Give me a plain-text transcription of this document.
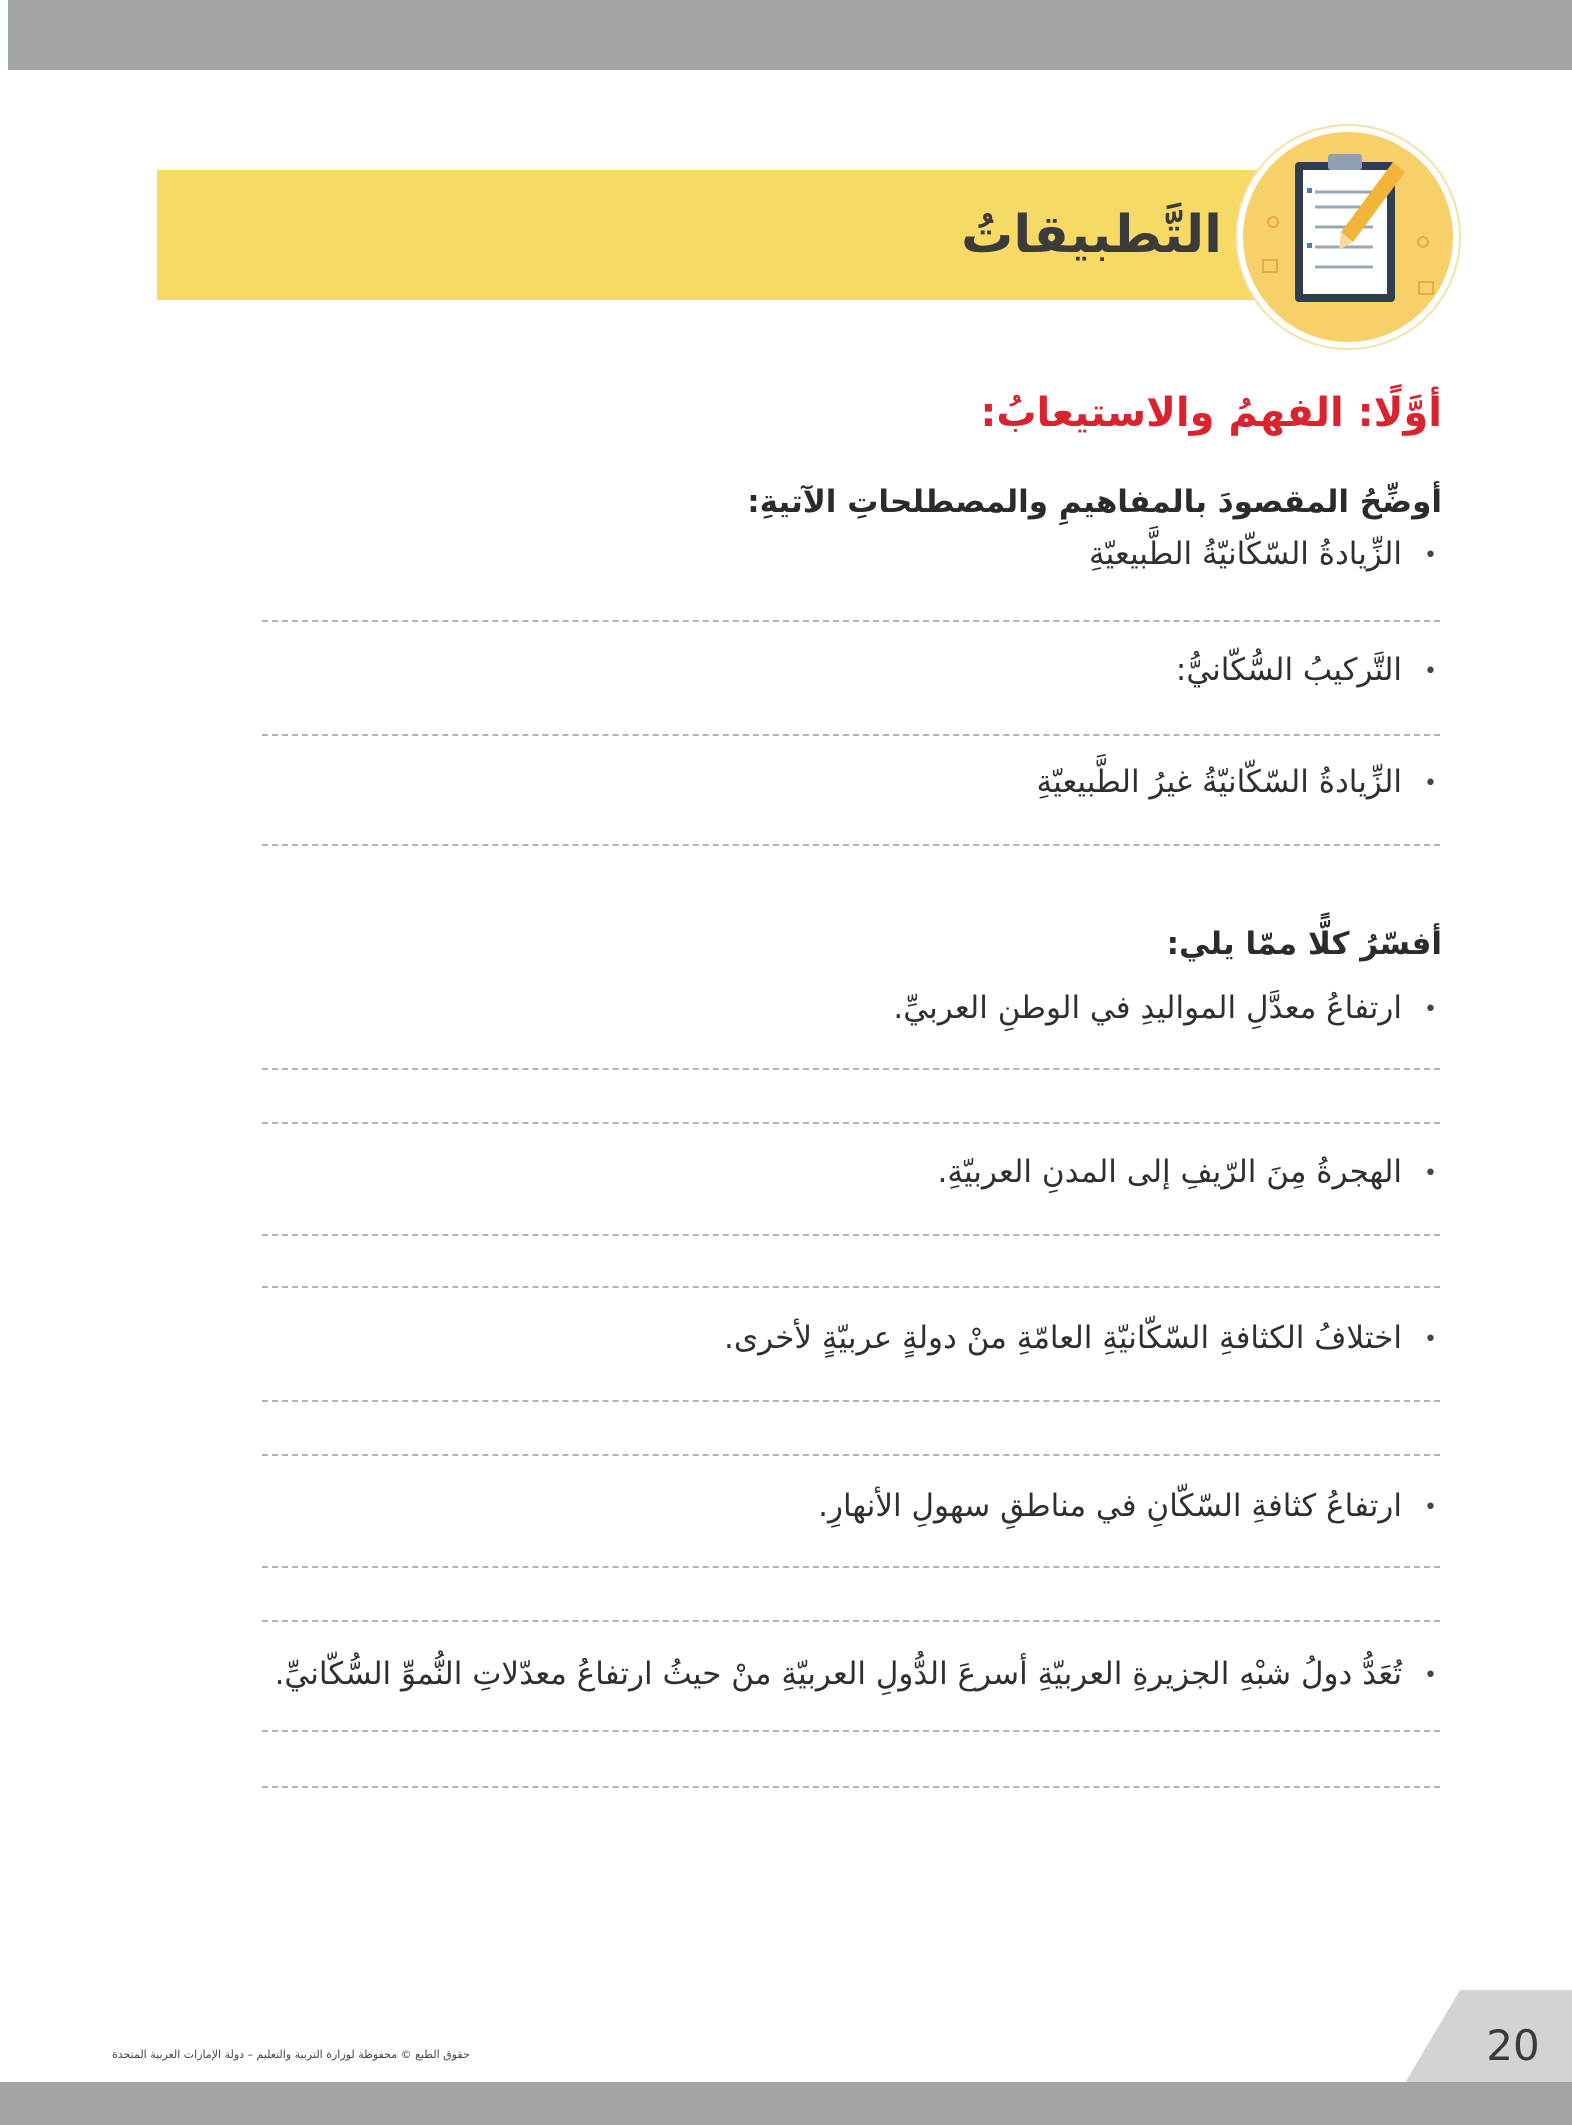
التَّطبيقاتُ
أوَّلًا: الفهمُ والاستيعابُ:
أوضِّحُ المقصودَ بالمفاهيمِ والمصطلحاتِ الآتيةِ:
•الزِّيادةُ السّكّانيّةُ الطَّبيعيّةِ
•التَّركيبُ السُّكّانيُّ:
•الزِّيادةُ السّكّانيّةُ غيرُ الطَّبيعيّةِ
أفسّرُ كلًّا ممّا يلي:
•ارتفاعُ معدَّلِ المواليدِ في الوطنِ العربيِّ.
•الهجرةُ مِنَ الرّيفِ إلى المدنِ العربيّةِ.
•اختلافُ الكثافةِ السّكّانيّةِ العامّةِ منْ دولةٍ عربيّةٍ لأخرى.
•ارتفاعُ كثافةِ السّكّانِ في مناطقِ سهولِ الأنهارِ.
•تُعَدُّ دولُ شبْهِ الجزيرةِ العربيّةِ أسرعَ الدُّولِ العربيّةِ منْ حيثُ ارتفاعُ معدّلاتِ النُّموِّ السُّكّانيِّ.
20
حقوق الطبع © محفوظة لوزارة التربية والتعليم – دولة الإمارات العربية المتحدة
